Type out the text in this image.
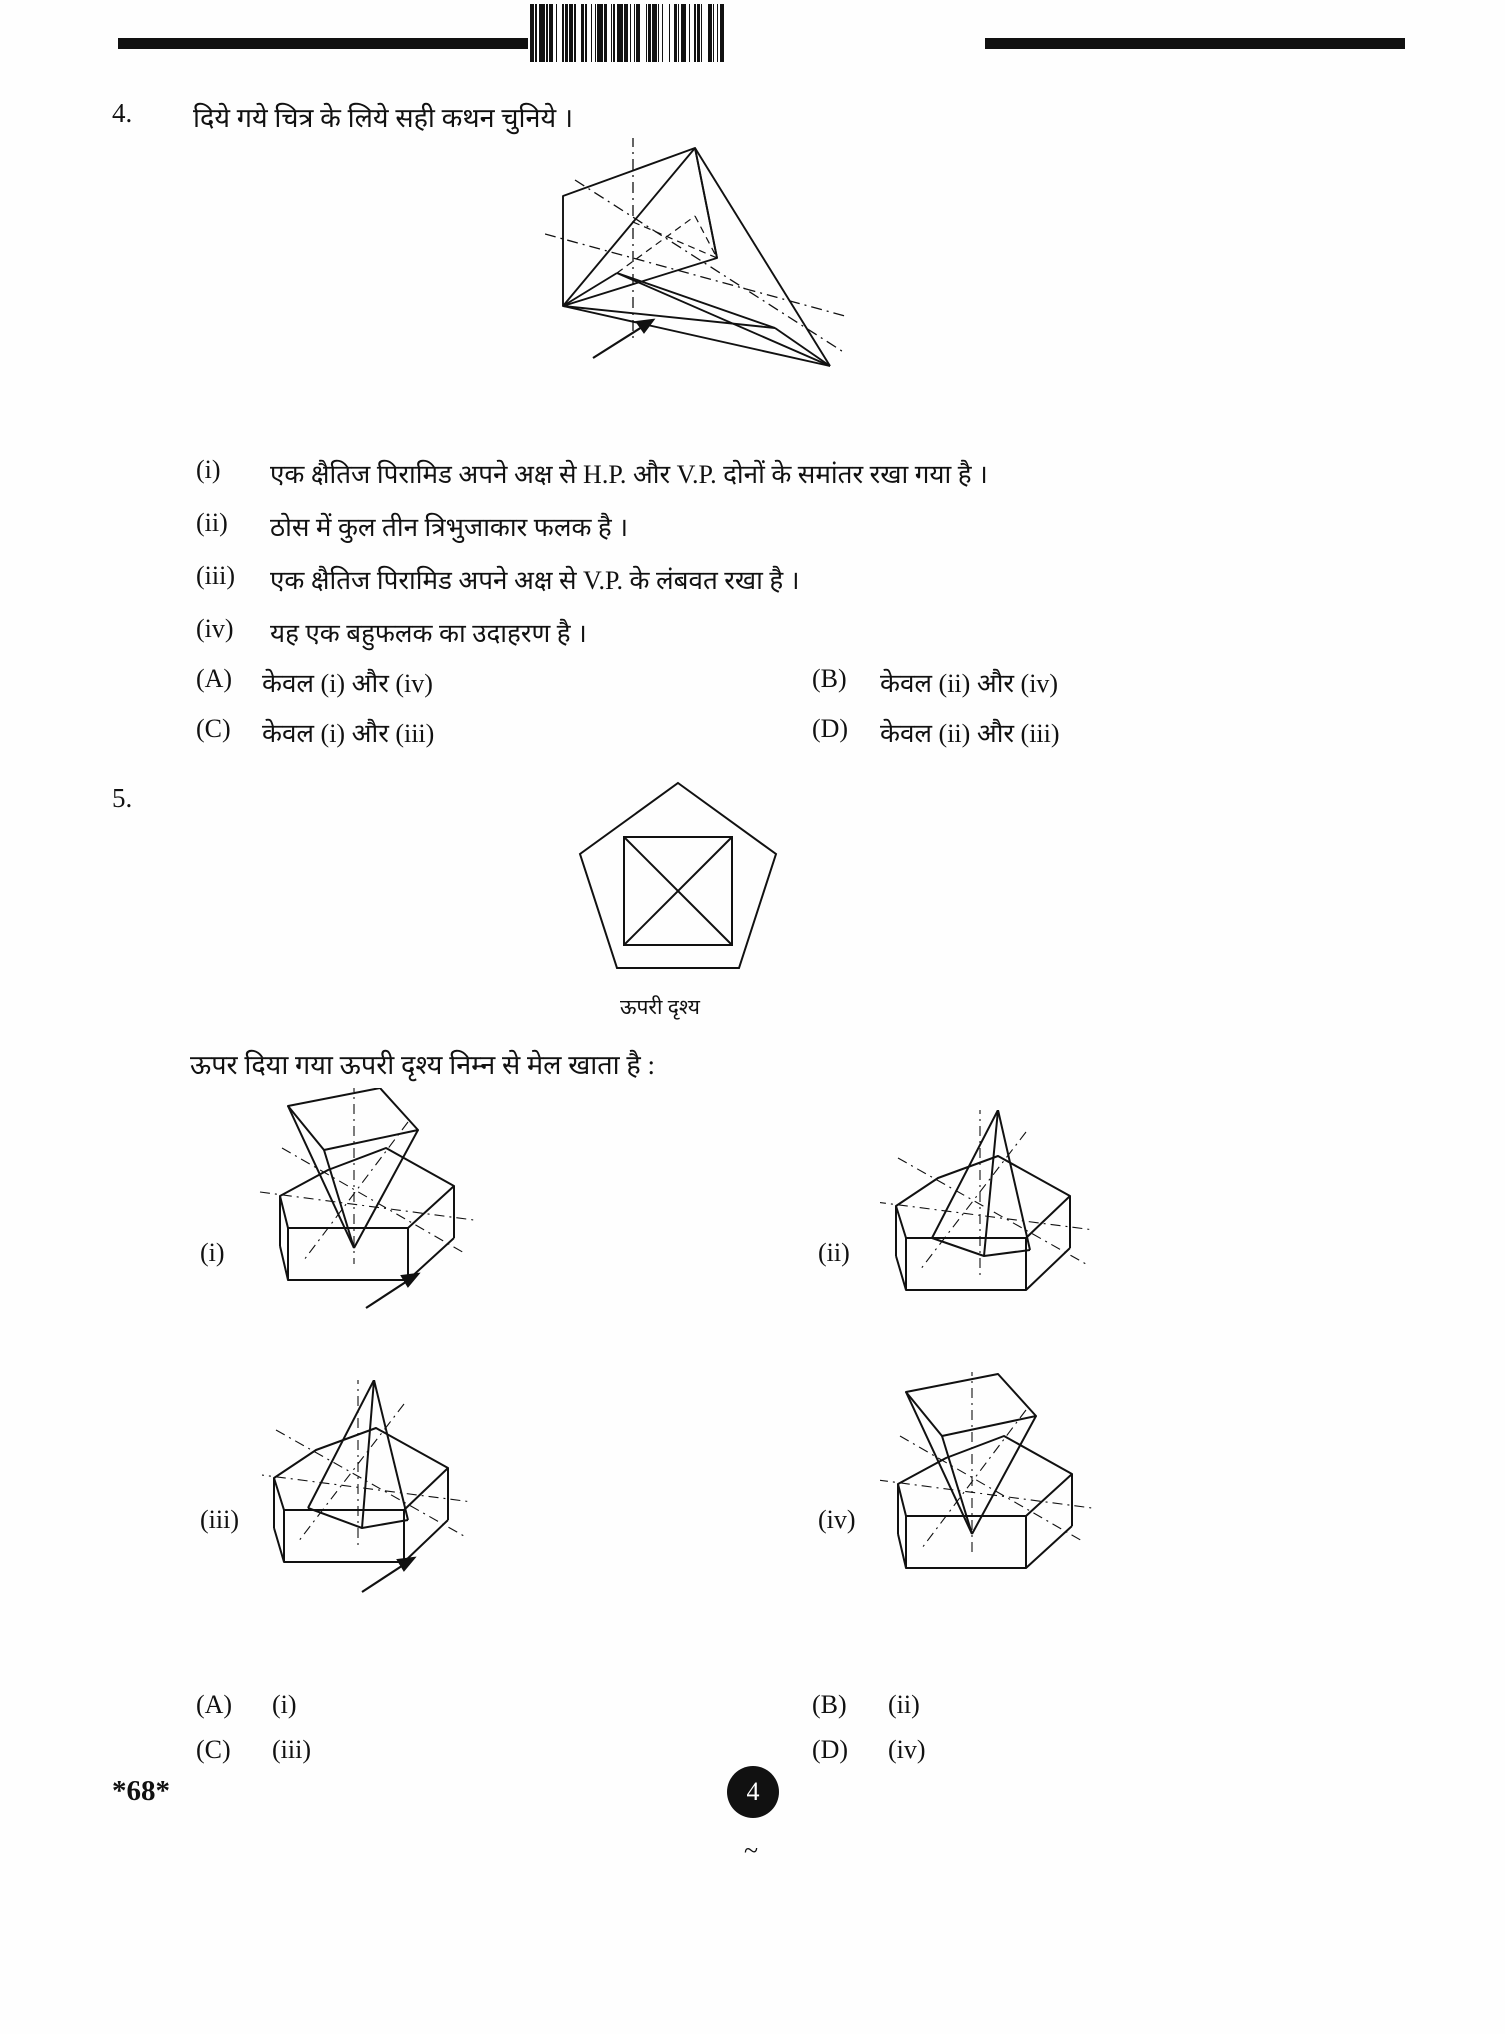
4. दिये गये चित्र के लिये सही कथन चुनिये ।
(i) एक क्षैतिज पिरामिड अपने अक्ष से H.P. और V.P. दोनों के समांतर रखा गया है ।
(ii) ठोस में कुल तीन त्रिभुजाकार फलक है ।
(iii) एक क्षैतिज पिरामिड अपने अक्ष से V.P. के लंबवत रखा है ।
(iv) यह एक बहुफलक का उदाहरण है ।
(A) केवल (i) और (iv)	(B) केवल (ii) और (iv)
(C) केवल (i) और (iii)	(D) केवल (ii) और (iii)
5.
ऊपरी दृश्य
ऊपर दिया गया ऊपरी दृश्य निम्न से मेल खाता है :
(i)	(ii)
(iii)	(iv)
(A) (i)	(B) (ii)
(C) (iii)	(D) (iv)
*68*	4
~
